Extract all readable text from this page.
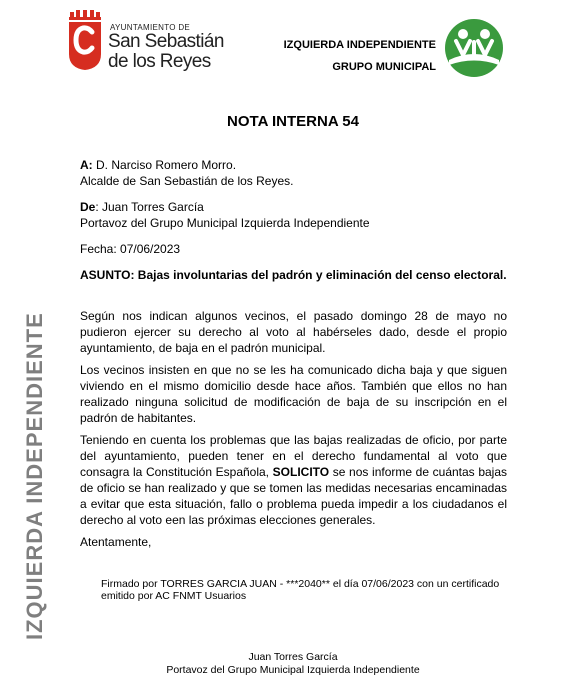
AYUNTAMIENTO DE
San Sebastián
de los Reyes
IZQUIERDA INDEPENDIENTE
GRUPO MUNICIPAL
NOTA INTERNA 54
IZQUIERDA INDEPENDIENTE
A: D. Narciso Romero Morro.
Alcalde de San Sebastián de los Reyes.
De: Juan Torres García
Portavoz del Grupo Municipal Izquierda Independiente
Fecha: 07/06/2023
ASUNTO: Bajas involuntarias del padrón y eliminación del censo electoral.
Según nos indican algunos vecinos, el pasado domingo 28 de mayo no pudieron ejercer su derecho al voto al habérseles dado, desde el propio ayuntamiento, de baja en el padrón municipal.
Los vecinos insisten en que no se les ha comunicado dicha baja y que siguen viviendo en el mismo domicilio desde hace años. También que ellos no han realizado ninguna solicitud de modificación de baja de su inscripción en el padrón de habitantes.
Teniendo en cuenta los problemas que las bajas realizadas de oficio, por parte del ayuntamiento, pueden tener en el derecho fundamental al voto que consagra la Constitución Española, SOLICITO se nos informe de cuántas bajas de oficio se han realizado y que se tomen las medidas necesarias encaminadas a evitar que esta situación, fallo o problema pueda impedir a los ciudadanos el derecho al voto een las próximas elecciones generales.
Atentamente,
Firmado por TORRES GARCIA JUAN - ***2040** el día 07/06/2023 con un certificado emitido por AC FNMT Usuarios
Juan Torres García
Portavoz del Grupo Municipal Izquierda Independiente
